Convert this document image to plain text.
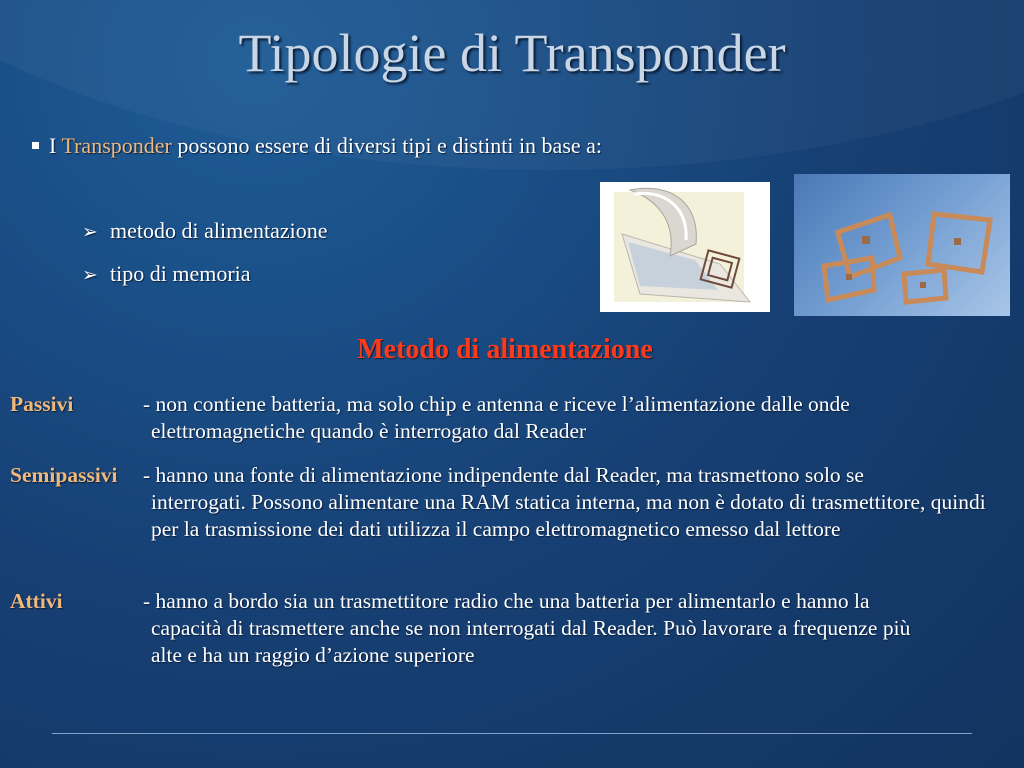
Tipologie di Transponder
I Transponder possono essere di diversi tipi e distinti in base a:
➢ metodo di alimentazione
➢ tipo di memoria
Metodo di alimentazione
Passivi	- non contiene batteria, ma solo chip e antenna e riceve l’alimentazione dalle onde
elettromagnetiche quando è interrogato dal Reader
Semipassivi - hanno una fonte di alimentazione indipendente dal Reader, ma trasmettono solo se
interrogati. Possono alimentare una RAM statica interna, ma non è dotato di trasmettitore, quindi per la trasmissione dei dati utilizza il campo elettromagnetico emesso dal lettore
Attivi	- hanno a bordo sia un trasmettitore radio che una batteria per alimentarlo e hanno la
capacità di trasmettere anche se non interrogati dal Reader. Può lavorare a frequenze più alte e ha un raggio d’azione superiore
